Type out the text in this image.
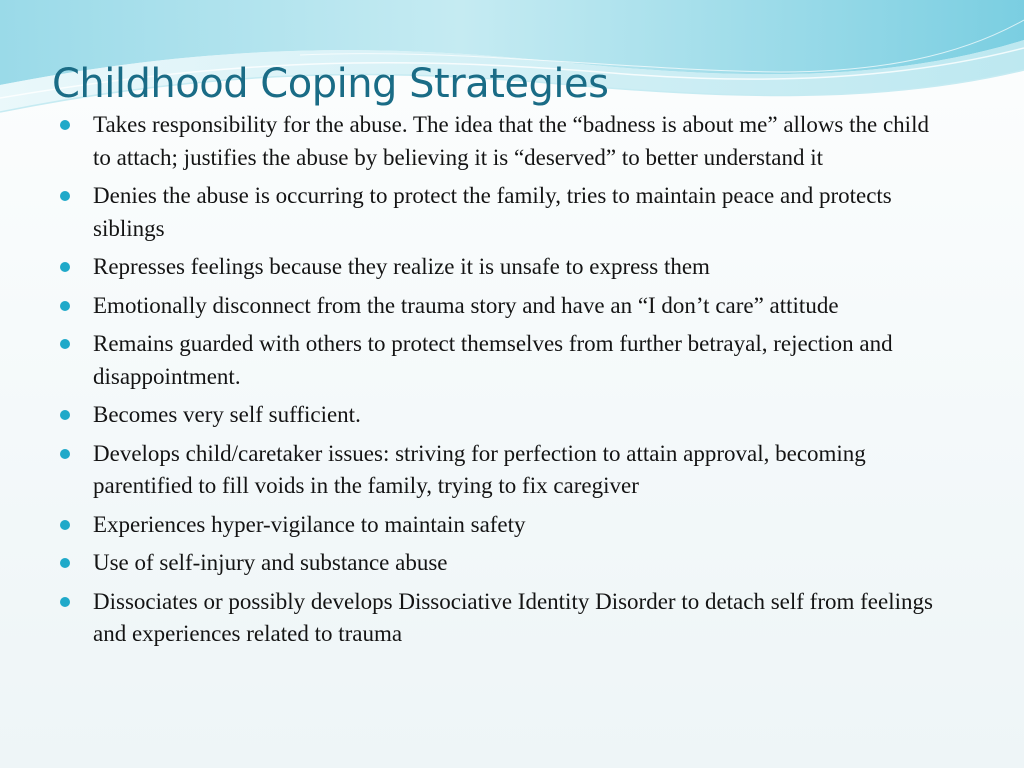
Childhood Coping Strategies
Takes responsibility for the abuse. The idea that the “badness is about me” allows the child to attach; justifies the abuse by believing it is “deserved” to better understand it
Denies the abuse is occurring to protect the family, tries to maintain peace and protects siblings
Represses feelings because they realize it is unsafe to express them
Emotionally disconnect from the trauma story and have an “I don’t care” attitude
Remains guarded with others to protect themselves from further betrayal, rejection and disappointment.
Becomes very self sufficient.
Develops child/caretaker issues: striving for perfection to attain approval, becoming parentified to fill voids in the family, trying to fix caregiver
Experiences hyper-vigilance to maintain safety
Use of self-injury and substance abuse
Dissociates or possibly develops Dissociative Identity Disorder to detach self from feelings and experiences related to trauma
